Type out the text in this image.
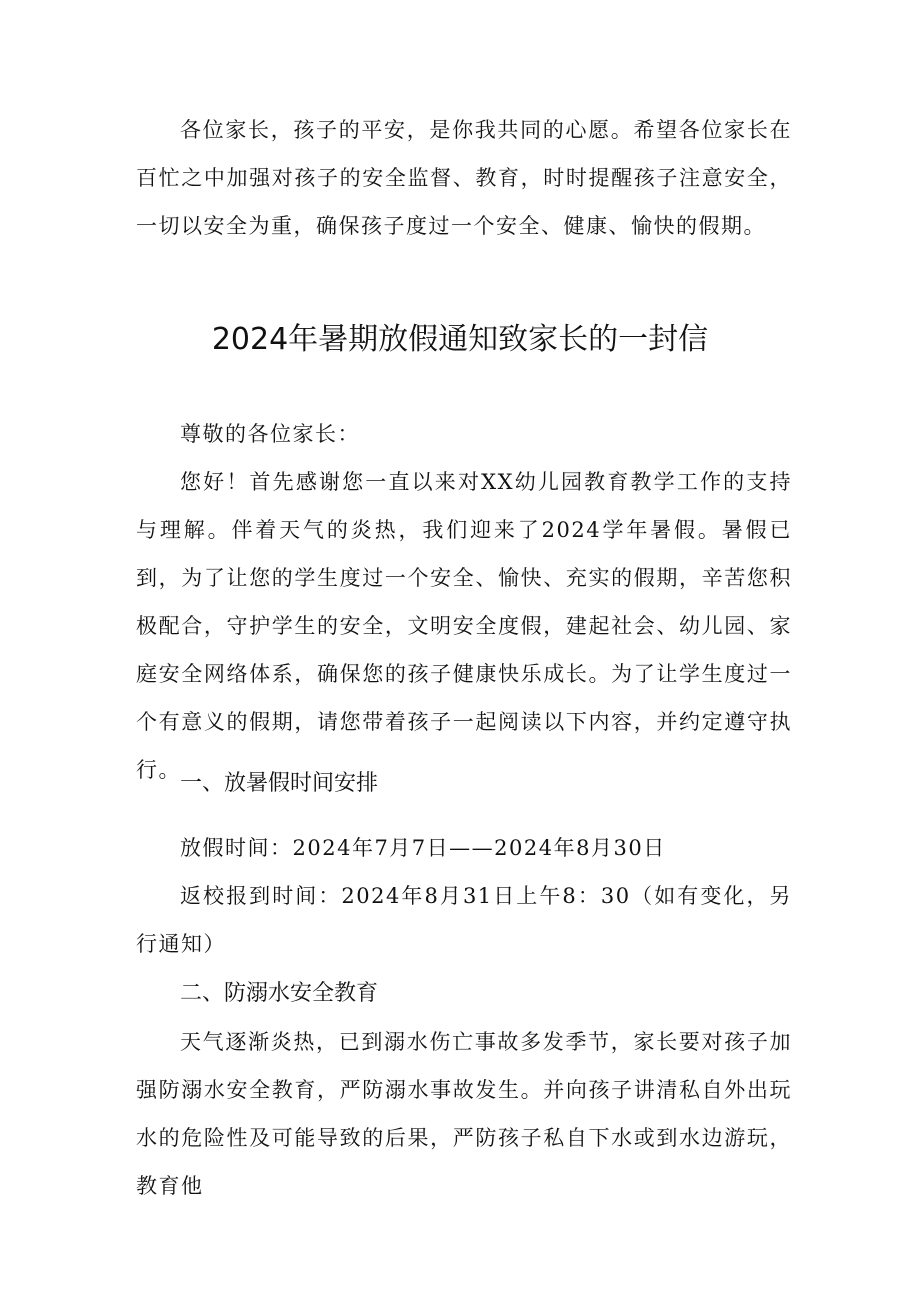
各位家长，孩子的平安，是你我共同的心愿。希望各位家长在百忙之中加强对孩子的安全监督、教育，时时提醒孩子注意安全，一切以安全为重，确保孩子度过一个安全、健康、愉快的假期。

2024年暑期放假通知致家长的一封信

尊敬的各位家长：

您好！首先感谢您一直以来对XX幼儿园教育教学工作的支持与理解。伴着天气的炎热，我们迎来了2024学年暑假。暑假已到，为了让您的学生度过一个安全、愉快、充实的假期，辛苦您积极配合，守护学生的安全，文明安全度假，建起社会、幼儿园、家庭安全网络体系，确保您的孩子健康快乐成长。为了让学生度过一个有意义的假期，请您带着孩子一起阅读以下内容，并约定遵守执行。

一、放暑假时间安排

放假时间：2024年7月7日——2024年8月30日

返校报到时间：2024年8月31日上午8：30（如有变化，另行通知）

二、防溺水安全教育

天气逐渐炎热，已到溺水伤亡事故多发季节，家长要对孩子加强防溺水安全教育，严防溺水事故发生。并向孩子讲清私自外出玩水的危险性及可能导致的后果，严防孩子私自下水或到水边游玩，教育他
